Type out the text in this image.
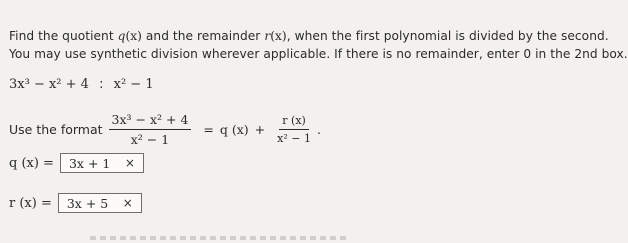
Find the quotient q(x) and the remainder r(x), when the first polynomial is divided by the second.
You may use synthetic division wherever applicable. If there is no remainder, enter 0 in the 2nd box.

3x³ − x² + 4 : x² − 1

Use the format $\frac{\text{3x³ − x² + 4}}{\text{x² − 1}} = q$ $(x) + \frac{r (x)}{\text{x² − 1}}$ .
q (x) = 3x + 1 ×
r (x) = 3x + 5 ×
